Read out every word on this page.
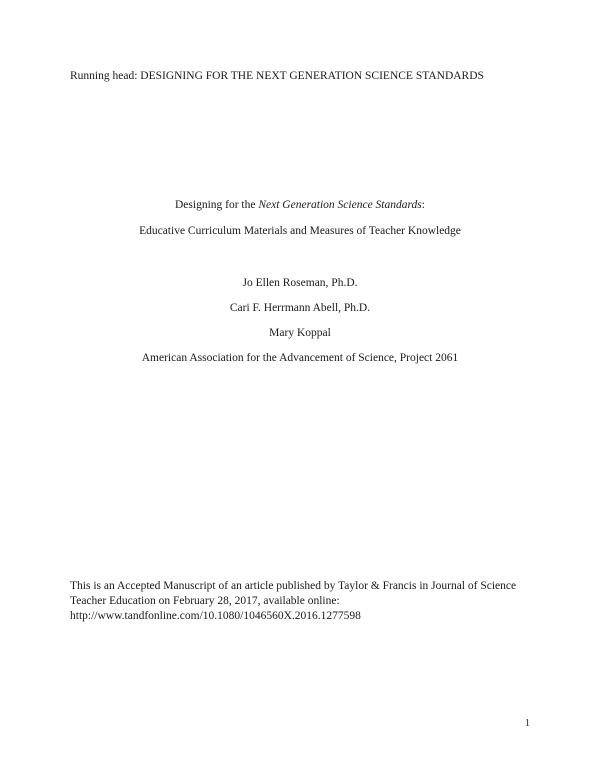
Running head: DESIGNING FOR THE NEXT GENERATION SCIENCE STANDARDS
Designing for the Next Generation Science Standards:
Educative Curriculum Materials and Measures of Teacher Knowledge
Jo Ellen Roseman, Ph.D.
Cari F. Herrmann Abell, Ph.D.
Mary Koppal
American Association for the Advancement of Science, Project 2061
This is an Accepted Manuscript of an article published by Taylor & Francis in Journal of Science Teacher Education on February 28, 2017, available online:
http://www.tandfonline.com/10.1080/1046560X.2016.1277598
1
